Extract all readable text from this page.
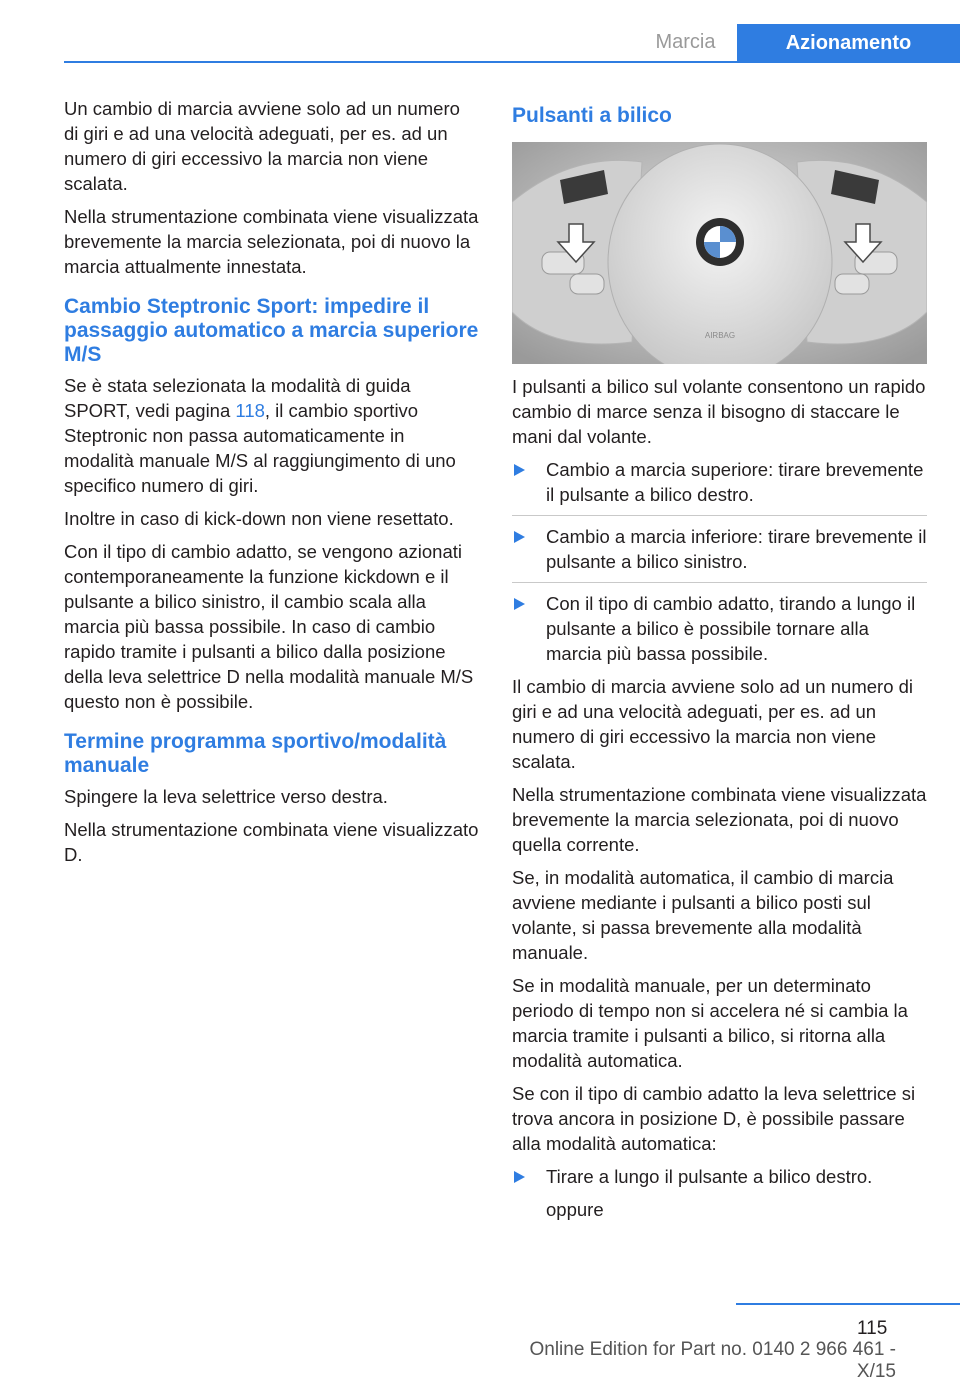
Marcia	Azionamento

Un cambio di marcia avviene solo ad un numero di giri e ad una velocità adeguati, per es. ad un numero di giri eccessivo la marcia non viene scalata.

Nella strumentazione combinata viene visualizzata brevemente la marcia selezionata, poi di nuovo la marcia attualmente innestata.

Cambio Steptronic Sport: impedire il passaggio automatico a marcia superiore M/S

Se è stata selezionata la modalità di guida SPORT, vedi pagina 118, il cambio sportivo Steptronic non passa automaticamente in modalità manuale M/S al raggiungimento di uno specifico numero di giri.

Inoltre in caso di kick-down non viene resettato.

Con il tipo di cambio adatto, se vengono azionati contemporaneamente la funzione kickdown e il pulsante a bilico sinistro, il cambio scala alla marcia più bassa possibile. In caso di cambio rapido tramite i pulsanti a bilico dalla posizione della leva selettrice D nella modalità manuale M/S questo non è possibile.

Termine programma sportivo/modalità manuale

Spingere la leva selettrice verso destra.

Nella strumentazione combinata viene visualizzato D.

Pulsanti a bilico
AIRBAG

I pulsanti a bilico sul volante consentono un rapido cambio di marce senza il bisogno di staccare le mani dal volante.

Cambio a marcia superiore: tirare brevemente il pulsante a bilico destro.
Cambio a marcia inferiore: tirare brevemente il pulsante a bilico sinistro.
Con il tipo di cambio adatto, tirando a lungo il pulsante a bilico è possibile tornare alla marcia più bassa possibile.

Il cambio di marcia avviene solo ad un numero di giri e ad una velocità adeguati, per es. ad un numero di giri eccessivo la marcia non viene scalata.

Nella strumentazione combinata viene visualizzata brevemente la marcia selezionata, poi di nuovo quella corrente.

Se, in modalità automatica, il cambio di marcia avviene mediante i pulsanti a bilico posti sul volante, si passa brevemente alla modalità manuale.

Se in modalità manuale, per un determinato periodo di tempo non si accelera né si cambia la marcia tramite i pulsanti a bilico, si ritorna alla modalità automatica.

Se con il tipo di cambio adatto la leva selettrice si trova ancora in posizione D, è possibile passare alla modalità automatica:

Tirare a lungo il pulsante a bilico destro.
oppure
115
Online Edition for Part no. 0140 2 966 461 - X/15
